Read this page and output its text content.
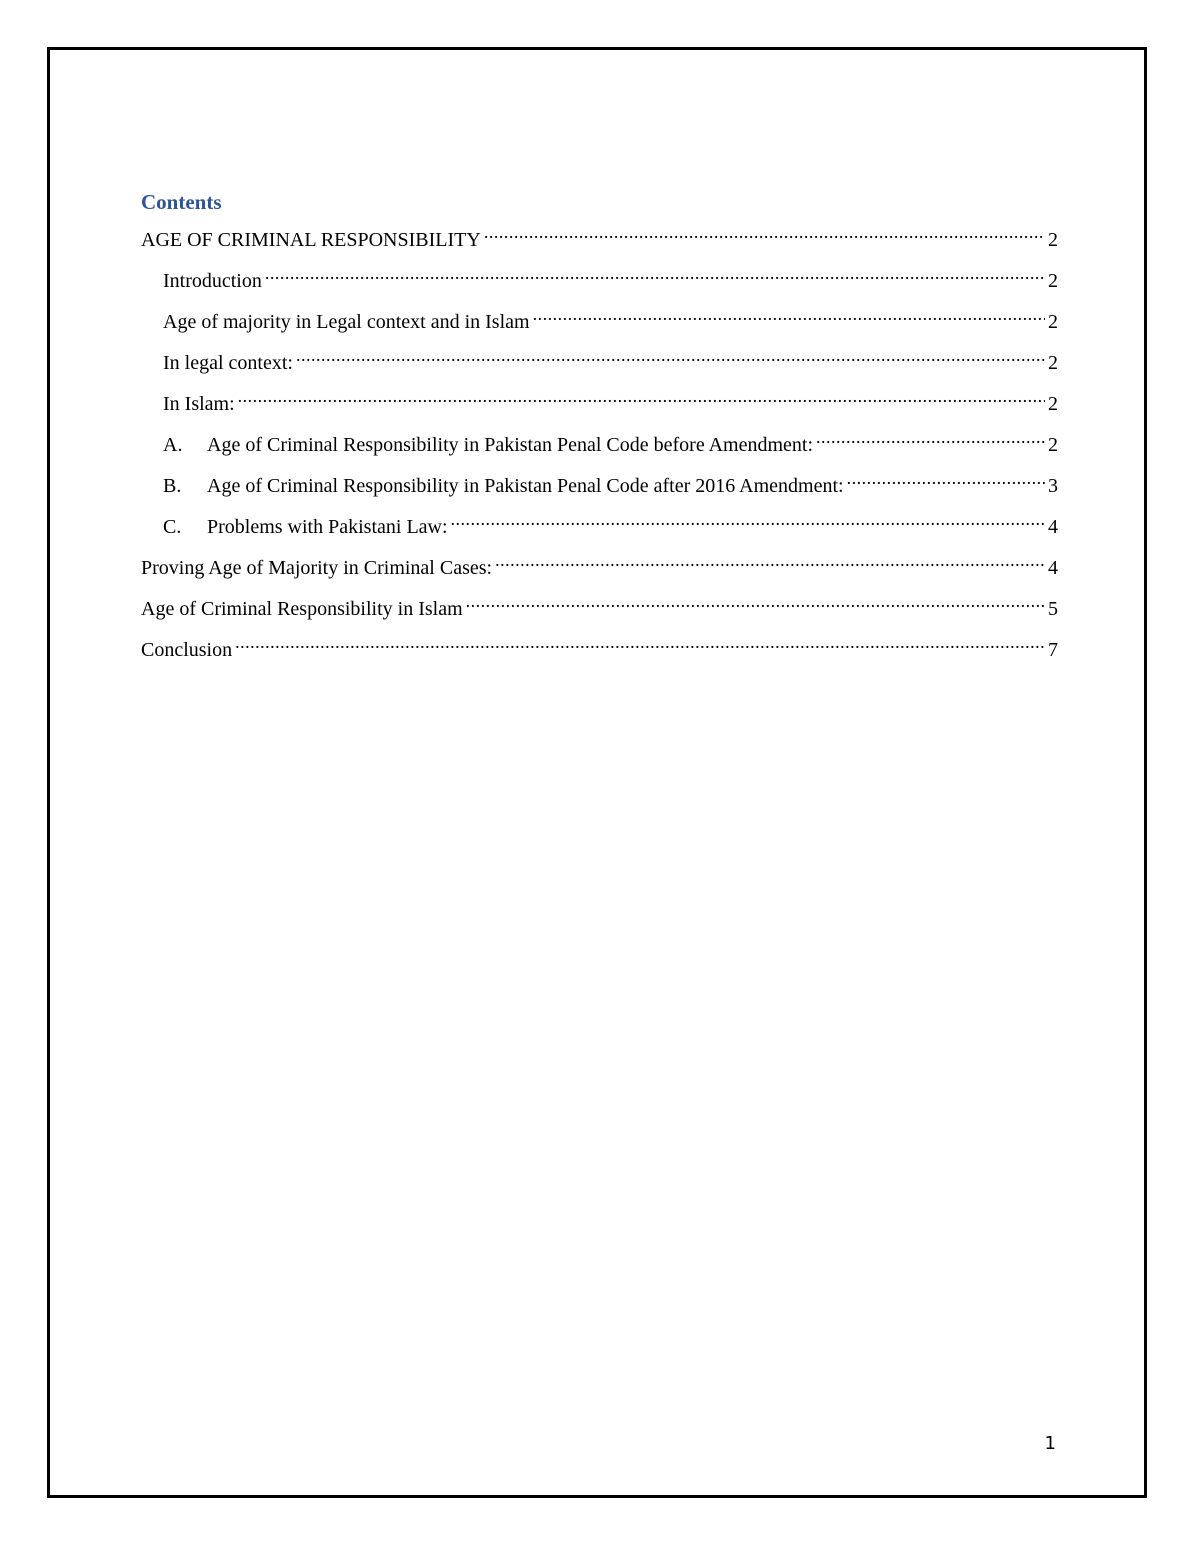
Contents
AGE OF CRIMINAL RESPONSIBILITY .....	2
Introduction .....	2
Age of majority in Legal context and in Islam .....	2
In legal context: .....	2
In Islam: .....	2
A.	Age of Criminal Responsibility in Pakistan Penal Code before Amendment: .....	2
B.	Age of Criminal Responsibility in Pakistan Penal Code after 2016 Amendment: .....	3
C.	Problems with Pakistani Law: .....	4
Proving Age of Majority in Criminal Cases: .....	4
Age of Criminal Responsibility in Islam .....	5
Conclusion .....	7
1
